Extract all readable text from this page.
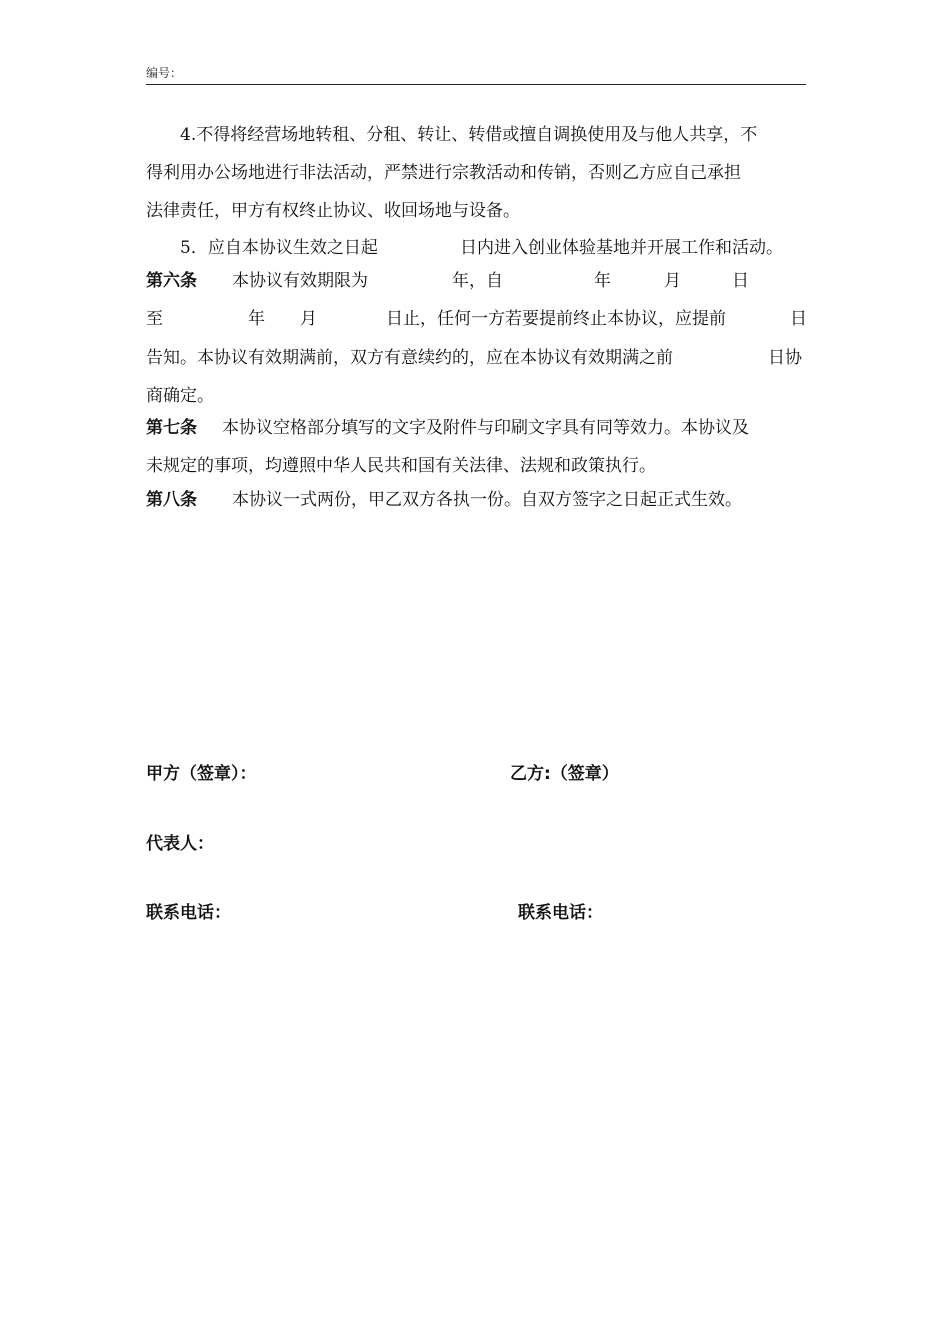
编号：
4.不得将经营场地转租、分租、转让、转借或擅自调换使用及与他人共享，不
得利用办公场地进行非法活动，严禁进行宗教活动和传销，否则乙方应自己承担
法律责任，甲方有权终止协议、收回场地与设备。
5．应自本协议生效之日起	日内进入创业体验基地并开展工作和活动。
第六条 本协议有效期限为	年，自	年	月	日
至	年 月	日止，任何一方若要提前终止本协议，应提前	日
告知。本协议有效期满前，双方有意续约的，应在本协议有效期满之前	日协
商确定。
第七条 本协议空格部分填写的文字及附件与印刷文字具有同等效力。本协议及
未规定的事项，均遵照中华人民共和国有关法律、法规和政策执行。
第八条 本协议一式两份，甲乙双方各执一份。自双方签字之日起正式生效。
甲方（签章）：	乙方:（签章）
代表人：
联系电话：	联系电话：
